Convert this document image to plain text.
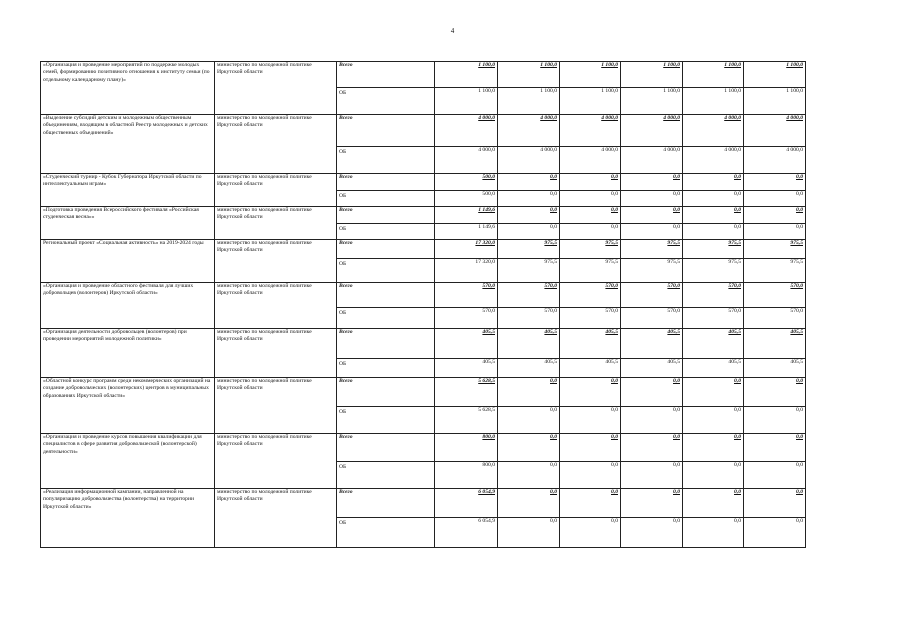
4
«Организация и проведение мероприятий по поддержке молодых семей, формированию позитивного отношения к институту семьи (по отдельному календарному плану)»	министерство по молодежной политике Иркутской области	Всего	1 100,0	1 100,0	1 100,0	1 100,0	1 100,0	1 100,0
		ОБ	1 100,0	1 100,0	1 100,0	1 100,0	1 100,0	1 100,0
«Выделение субсидий детским и молодежным общественным объединениям, входящим в областной Реестр молодежных и детских общественных объединений»	министерство по молодежной политике Иркутской области	Всего	4 000,0	4 000,0	4 000,0	4 000,0	4 000,0	4 000,0
		ОБ	4 000,0	4 000,0	4 000,0	4 000,0	4 000,0	4 000,0
«Студенческий турнир - Кубок Губернатора Иркутской области по интеллектуальным играм»	министерство по молодежной политике Иркутской области	Всего	500,0	0,0	0,0	0,0	0,0	0,0
		ОБ	500,0	0,0	0,0	0,0	0,0	0,0
«Подготовка проведения Всероссийского фестиваля «Российская студенческая весна»»	министерство по молодежной политике Иркутской области	Всего	1 149,6	0,0	0,0	0,0	0,0	0,0
		ОБ	1 149,6	0,0	0,0	0,0	0,0	0,0
Региональный проект «Социальная активность» на 2019-2024 годы	министерство по молодежной политике Иркутской области	Всего	17 320,0	975,5	975,5	975,5	975,5	975,5
		ОБ	17 320,0	975,5	975,5	975,5	975,5	975,5
«Организация и проведение областного фестиваля для лучших добровольцев (волонтеров) Иркутской области»	министерство по молодежной политике Иркутской области	Всего	570,0	570,0	570,0	570,0	570,0	570,0
		ОБ	570,0	570,0	570,0	570,0	570,0	570,0
«Организация деятельности добровольцев (волонтеров) при проведении мероприятий молодежной политики»	министерство по молодежной политике Иркутской области	Всего	405,5	405,5	405,5	405,5	405,5	405,5
		ОБ	405,5	405,5	405,5	405,5	405,5	405,5
«Областной конкурс программ среди некоммерческих организаций на создание добровольческих (волонтерских) центров в муниципальных образованиях Иркутской области»	министерство по молодежной политике Иркутской области	Всего	5 628,5	0,0	0,0	0,0	0,0	0,0
		ОБ	5 628,5	0,0	0,0	0,0	0,0	0,0
«Организация и проведение курсов повышения квалификации для специалистов в сфере развития добровольческой (волонтерской) деятельности»	министерство по молодежной политике Иркутской области	Всего	800,0	0,0	0,0	0,0	0,0	0,0
		ОБ	800,0	0,0	0,0	0,0	0,0	0,0
«Реализация информационной кампании, направленной на популяризацию добровольчества (волонтерства) на территории Иркутской области»	министерство по молодежной политике Иркутской области	Всего	6 054,9	0,0	0,0	0,0	0,0	0,0
		ОБ	6 054,9	0,0	0,0	0,0	0,0	0,0
